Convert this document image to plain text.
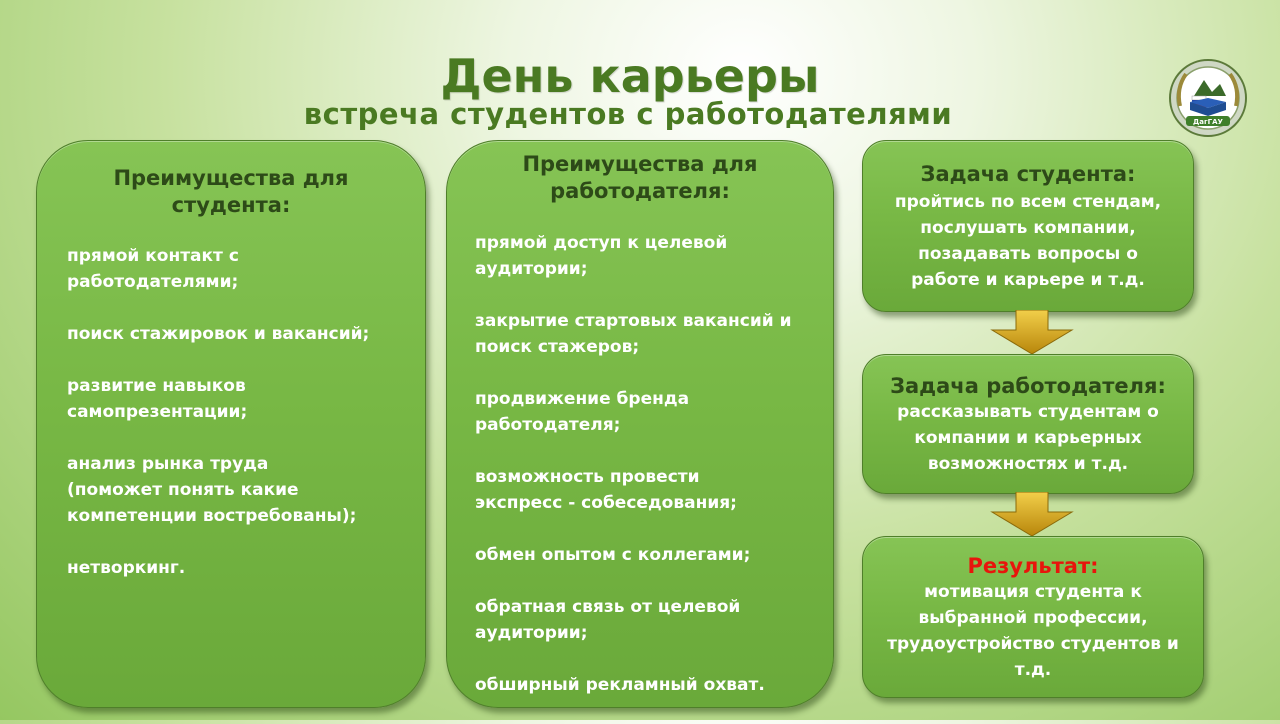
День карьеры
встреча студентов с работодателями	ДагГАУ
Преимущества для
студента:
прямой контакт с
работодателями;
поиск стажировок и вакансий;
развитие навыков
самопрезентации;
анализ рынка труда
(поможет понять какие
компетенции востребованы);
нетворкинг.
Преимущества для
работодателя:
прямой доступ к целевой
аудитории;
закрытие стартовых вакансий и
поиск стажеров;
продвижение бренда
работодателя;
возможность провести
экспресс - собеседования;
обмен опытом с коллегами;
обратная связь от целевой
аудитории;
обширный рекламный охват.
Задача студента:
пройтись по всем стендам,
послушать компании,
позадавать вопросы о
работе и карьере и т.д.
Задача работодателя:
рассказывать студентам о
компании и карьерных
возможностях и т.д.
Результат:
мотивация студента к
выбранной профессии,
трудоустройство студентов и
т.д.
